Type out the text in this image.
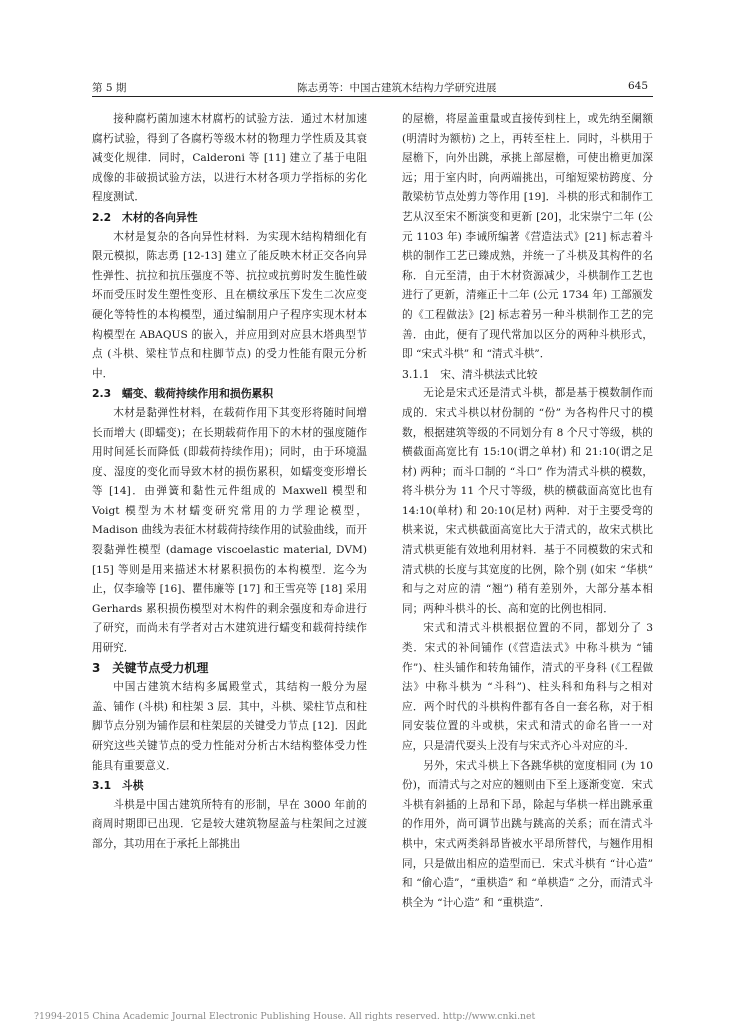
第 5 期	陈志勇等：中国古建筑木结构力学研究进展	645

接种腐朽菌加速木材腐朽的试验方法．通过木材加速腐朽试验，得到了各腐朽等级木材的物理力学性质及其衰减变化规律．同时，Calderoni 等 [11] 建立了基于电阻成像的非破损试验方法，以进行木材各项力学指标的劣化程度测试．

2.2　木材的各向异性

木材是复杂的各向异性材料．为实现木结构精细化有限元模拟，陈志勇 [12-13] 建立了能反映木材正交各向异性弹性、抗拉和抗压强度不等、抗拉或抗剪时发生脆性破坏而受压时发生塑性变形、且在横纹承压下发生二次应变硬化等特性的本构模型，通过编制用户子程序实现木材本构模型在 ABAQUS 的嵌入，并应用到对应县木塔典型节点 (斗栱、梁柱节点和柱脚节点) 的受力性能有限元分析中．

2.3　蠕变、载荷持续作用和损伤累积

木材是黏弹性材料，在载荷作用下其变形将随时间增长而增大 (即蠕变)；在长期载荷作用下的木材的强度随作用时间延长而降低 (即载荷持续作用)；同时，由于环境温度、湿度的变化而导致木材的损伤累积，如蠕变变形增长等 [14]．由弹簧和黏性元件组成的 Maxwell 模型和 Voigt 模型为木材蠕变研究常用的力学理论模型，Madison 曲线为表征木材载荷持续作用的试验曲线，而开裂黏弹性模型 (damage viscoelastic material, DVM) [15] 等则是用来描述木材累积损伤的本构模型．迄今为止，仅李瑜等 [16]、瞿伟廉等 [17] 和王雪亮等 [18] 采用 Gerhards 累积损伤模型对木构件的剩余强度和寿命进行了研究，而尚未有学者对古木建筑进行蠕变和载荷持续作用研究．

3　关键节点受力机理

中国古建筑木结构多属殿堂式，其结构一般分为屋盖、铺作 (斗栱) 和柱架 3 层．其中，斗栱、梁柱节点和柱脚节点分别为铺作层和柱架层的关键受力节点 [12]．因此研究这些关键节点的受力性能对分析古木结构整体受力性能具有重要意义．

3.1　斗栱

斗栱是中国古建筑所特有的形制，早在 3000 年前的商周时期即已出现．它是较大建筑物屋盖与柱架间之过渡部分，其功用在于承托上部挑出

的屋檐，将屋盖重量或直接传到柱上，或先纳至阑额 (明清时为额枋) 之上，再转至柱上．同时，斗栱用于屋檐下，向外出跳，承挑上部屋檐，可使出檐更加深远；用于室内时，向两端挑出，可缩短梁枋跨度、分散梁枋节点处剪力等作用 [19]．斗栱的形式和制作工艺从汉至宋不断演变和更新 [20]，北宋崇宁二年 (公元 1103 年) 李诫所编著《营造法式》[21] 标志着斗栱的制作工艺已臻成熟，并统一了斗栱及其构件的名称．自元至清，由于木材资源减少，斗栱制作工艺也进行了更新，清雍正十二年 (公元 1734 年) 工部颁发的《工程做法》[2] 标志着另一种斗栱制作工艺的完善．由此，便有了现代常加以区分的两种斗栱形式，即 “宋式斗栱” 和 “清式斗栱”．

3.1.1　宋、清斗栱法式比较

无论是宋式还是清式斗栱，都是基于模数制作而成的．宋式斗栱以材份制的 “份” 为各构件尺寸的模数，根据建筑等级的不同划分有 8 个尺寸等级，栱的横截面高宽比有 15:10(谓之单材) 和 21:10(谓之足材) 两种；而斗口制的 “斗口” 作为清式斗栱的模数，将斗栱分为 11 个尺寸等级，栱的横截面高宽比也有 14:10(单材) 和 20:10(足材) 两种．对于主要受弯的栱来说，宋式栱截面高宽比大于清式的，故宋式栱比清式栱更能有效地利用材料．基于不同模数的宋式和清式栱的长度与其宽度的比例，除个别 (如宋 “华栱” 和与之对应的清 “翘”) 稍有差别外，大部分基本相同；两种斗栱斗的长、高和宽的比例也相同．

宋式和清式斗栱根据位置的不同，都划分了 3 类．宋式的补间铺作 (《营造法式》中称斗栱为 “铺作”)、柱头铺作和转角铺作，清式的平身科 (《工程做法》中称斗栱为 “斗科”)、柱头科和角科与之相对应．两个时代的斗栱构件都有各自一套名称，对于相同安装位置的斗或栱，宋式和清式的命名皆一一对应，只是清代耍头上没有与宋式齐心斗对应的斗．

另外，宋式斗栱上下各跳华栱的宽度相同 (为 10 份)，而清式与之对应的翘则由下至上逐渐变宽．宋式斗栱有斜插的上昂和下昂，除起与华栱一样出跳承重的作用外，尚可调节出跳与跳高的关系；而在清式斗栱中，宋式两类斜昂皆被水平昂所替代，与翘作用相同，只是做出相应的造型而已．宋式斗栱有 “计心造” 和 “偷心造”，“重栱造” 和 “单栱造” 之分，而清式斗栱全为 “计心造” 和 “重栱造”．

?1994-2015 China Academic Journal Electronic Publishing House. All rights reserved. http://www.cnki.net
